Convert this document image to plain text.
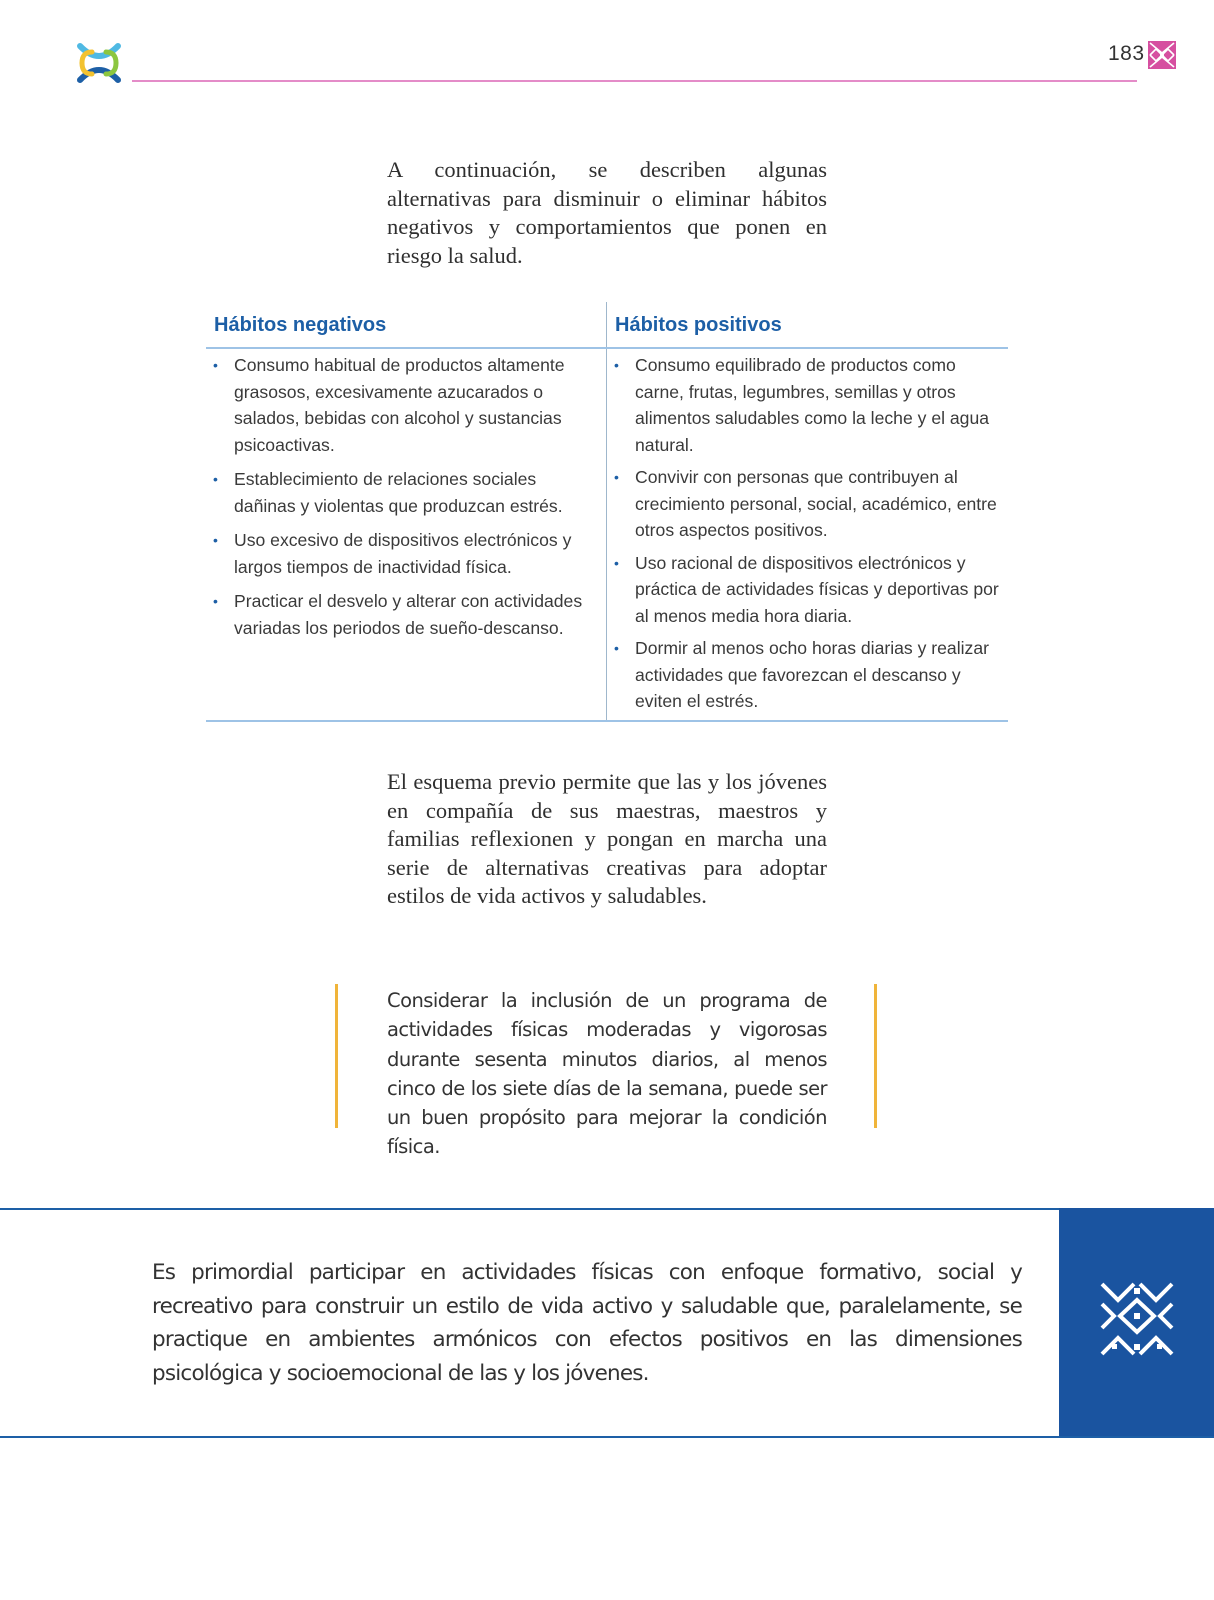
183

A continuación, se describen algunas alternativas para disminuir o eliminar hábitos negativos y comportamientos que ponen en riesgo la salud.

Hábitos negativos	Hábitos positivos
• Consumo habitual de productos altamente grasosos, excesivamente azucarados o salados, bebidas con alcohol y sustancias psicoactivas.
• Establecimiento de relaciones sociales dañinas y violentas que produzcan estrés.
• Uso excesivo de dispositivos electrónicos y largos tiempos de inactividad física.
• Practicar el desvelo y alterar con actividades variadas los periodos de sueño-descanso.
• Consumo equilibrado de productos como carne, frutas, legumbres, semillas y otros alimentos saludables como la leche y el agua natural.
• Convivir con personas que contribuyen al crecimiento personal, social, académico, entre otros aspectos positivos.
• Uso racional de dispositivos electrónicos y práctica de actividades físicas y deportivas por al menos media hora diaria.
• Dormir al menos ocho horas diarias y realizar actividades que favorezcan el descanso y eviten el estrés.

El esquema previo permite que las y los jóvenes en compañía de sus maestras, maestros y familias reflexionen y pongan en marcha una serie de alternativas creativas para adoptar estilos de vida activos y saludables.

Considerar la inclusión de un programa de actividades físicas moderadas y vigorosas durante sesenta minutos diarios, al menos cinco de los siete días de la semana, puede ser un buen propósito para mejorar la condición física.

Es primordial participar en actividades físicas con enfoque formativo, social y recreativo para construir un estilo de vida activo y saludable que, paralelamente, se practique en ambientes armónicos con efectos positivos en las dimensiones psicológica y socioemocional de las y los jóvenes.
